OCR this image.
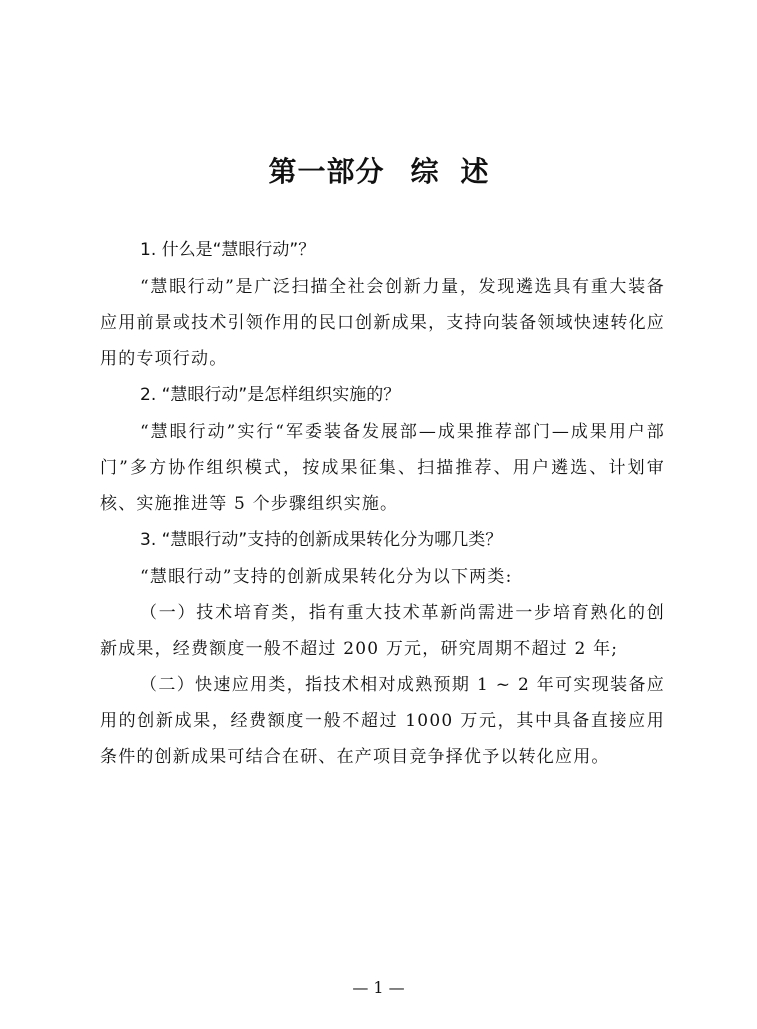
第一部分 综述

1. 什么是“慧眼行动”？

“慧眼行动”是广泛扫描全社会创新力量，发现遴选具有重大装备应用前景或技术引领作用的民口创新成果，支持向装备领域快速转化应用的专项行动。

2. “慧眼行动”是怎样组织实施的？

“慧眼行动”实行“军委装备发展部—成果推荐部门—成果用户部门”多方协作组织模式，按成果征集、扫描推荐、用户遴选、计划审核、实施推进等 5 个步骤组织实施。

3. “慧眼行动”支持的创新成果转化分为哪几类？

“慧眼行动”支持的创新成果转化分为以下两类:

（一）技术培育类，指有重大技术革新尚需进一步培育熟化的创新成果，经费额度一般不超过 200 万元，研究周期不超过 2 年;

（二）快速应用类，指技术相对成熟预期 1 ~ 2 年可实现装备应用的创新成果，经费额度一般不超过 1000 万元，其中具备直接应用条件的创新成果可结合在研、在产项目竞争择优予以转化应用。

— 1 —
